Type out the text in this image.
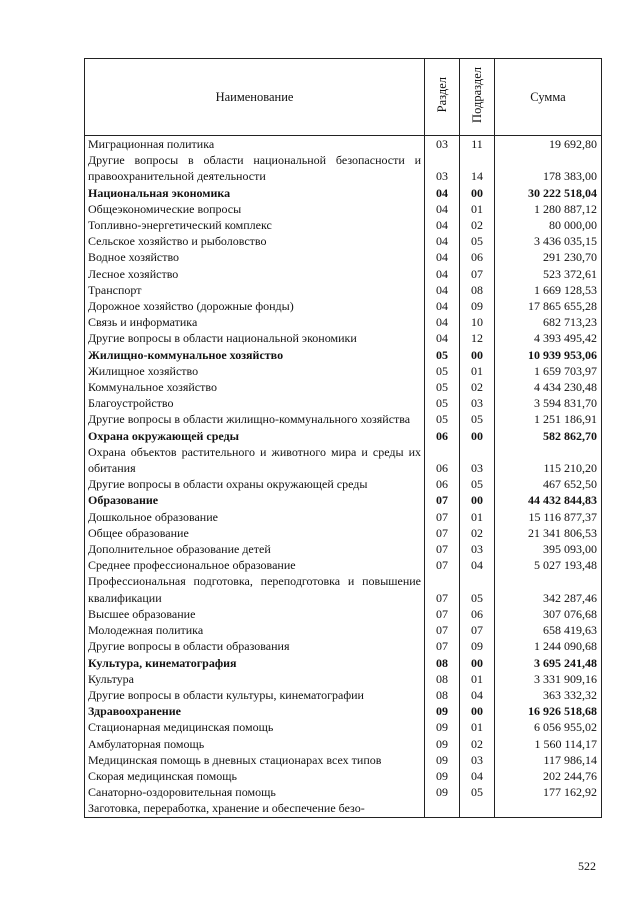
Наименование	Раздел	Подраздел	Сумма
Миграционная политика	03	11	19 692,80
Другие вопросы в области национальной безопасности и правоохранительной деятельности	03	14	178 383,00
Национальная экономика	04	00	30 222 518,04
Общеэкономические вопросы	04	01	1 280 887,12
Топливно-энергетический комплекс	04	02	80 000,00
Сельское хозяйство и рыболовство	04	05	3 436 035,15
Водное хозяйство	04	06	291 230,70
Лесное хозяйство	04	07	523 372,61
Транспорт	04	08	1 669 128,53
Дорожное хозяйство (дорожные фонды)	04	09	17 865 655,28
Связь и информатика	04	10	682 713,23
Другие вопросы в области национальной экономики	04	12	4 393 495,42
Жилищно-коммунальное хозяйство	05	00	10 939 953,06
Жилищное хозяйство	05	01	1 659 703,97
Коммунальное хозяйство	05	02	4 434 230,48
Благоустройство	05	03	3 594 831,70
Другие вопросы в области жилищно-коммунального хозяйства	05	05	1 251 186,91
Охрана окружающей среды	06	00	582 862,70
Охрана объектов растительного и животного мира и среды их обитания	06	03	115 210,20
Другие вопросы в области охраны окружающей среды	06	05	467 652,50
Образование	07	00	44 432 844,83
Дошкольное образование	07	01	15 116 877,37
Общее образование	07	02	21 341 806,53
Дополнительное образование детей	07	03	395 093,00
Среднее профессиональное образование	07	04	5 027 193,48
Профессиональная подготовка, переподготовка и повышение квалификации	07	05	342 287,46
Высшее образование	07	06	307 076,68
Молодежная политика	07	07	658 419,63
Другие вопросы в области образования	07	09	1 244 090,68
Культура, кинематография	08	00	3 695 241,48
Культура	08	01	3 331 909,16
Другие вопросы в области культуры, кинематографии	08	04	363 332,32
Здравоохранение	09	00	16 926 518,68
Стационарная медицинская помощь	09	01	6 056 955,02
Амбулаторная помощь	09	02	1 560 114,17
Медицинская помощь в дневных стационарах всех типов	09	03	117 986,14
Скорая медицинская помощь	09	04	202 244,76
Санаторно-оздоровительная помощь	09	05	177 162,92
Заготовка, переработка, хранение и обеспечение безо-			
522
